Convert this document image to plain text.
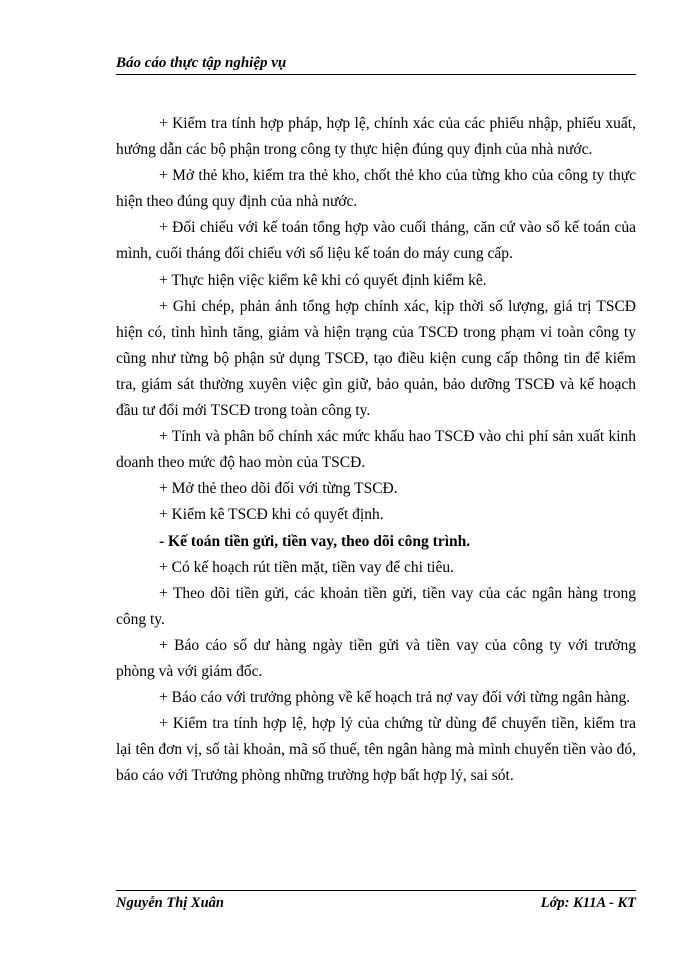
Báo cáo thực tập nghiệp vụ

+ Kiểm tra tính hợp pháp, hợp lệ, chính xác của các phiếu nhập, phiếu xuất, hướng dẫn các bộ phận trong công ty thực hiện đúng quy định của nhà nước.

+ Mở thẻ kho, kiểm tra thẻ kho, chốt thẻ kho của từng kho của công ty thực hiện theo đúng quy định của nhà nước.

+ Đối chiếu với kế toán tổng hợp vào cuối tháng, căn cứ vào sổ kế toán của mình, cuối tháng đối chiếu với số liệu kế toán do máy cung cấp.

+ Thực hiện việc kiểm kê khi có quyết định kiểm kê.

+ Ghi chép, phản ánh tổng hợp chính xác, kịp thời số lượng, giá trị TSCĐ hiện có, tình hình tăng, giảm và hiện trạng của TSCĐ trong phạm vi toàn công ty cũng như từng bộ phận sử dụng TSCĐ, tạo điều kiện cung cấp thông tin để kiểm tra, giám sát thường xuyên việc gìn giữ, bảo quản, bảo dưỡng TSCĐ và kế hoạch đầu tư đổi mới TSCĐ trong toàn công ty.

+ Tính và phân bổ chính xác mức khấu hao TSCĐ vào chi phí sản xuất kinh doanh theo mức độ hao mòn của TSCĐ.

+ Mở thẻ theo dõi đối với từng TSCĐ.

+ Kiểm kê TSCĐ khi có quyết định.

- Kế toán tiền gửi, tiền vay, theo dõi công trình.

+ Có kế hoạch rút tiền mặt, tiền vay để chi tiêu.

+ Theo dõi tiền gửi, các khoản tiền gửi, tiền vay của các ngân hàng trong công ty.

+ Báo cáo số dư hàng ngày tiền gửi và tiền vay của công ty với trưởng phòng và với giám đốc.

+ Báo cáo với trưởng phòng về kế hoạch trả nợ vay đối với từng ngân hàng.

+ Kiểm tra tính hợp lệ, hợp lý của chứng từ dùng để chuyển tiền, kiểm tra lại tên đơn vị, số tài khoản, mã số thuế, tên ngân hàng mà mình chuyển tiền vào đó, báo cáo với Trưởng phòng những trường hợp bất hợp lý, sai sót.

Nguyễn Thị Xuân	Lớp: K11A - KT
